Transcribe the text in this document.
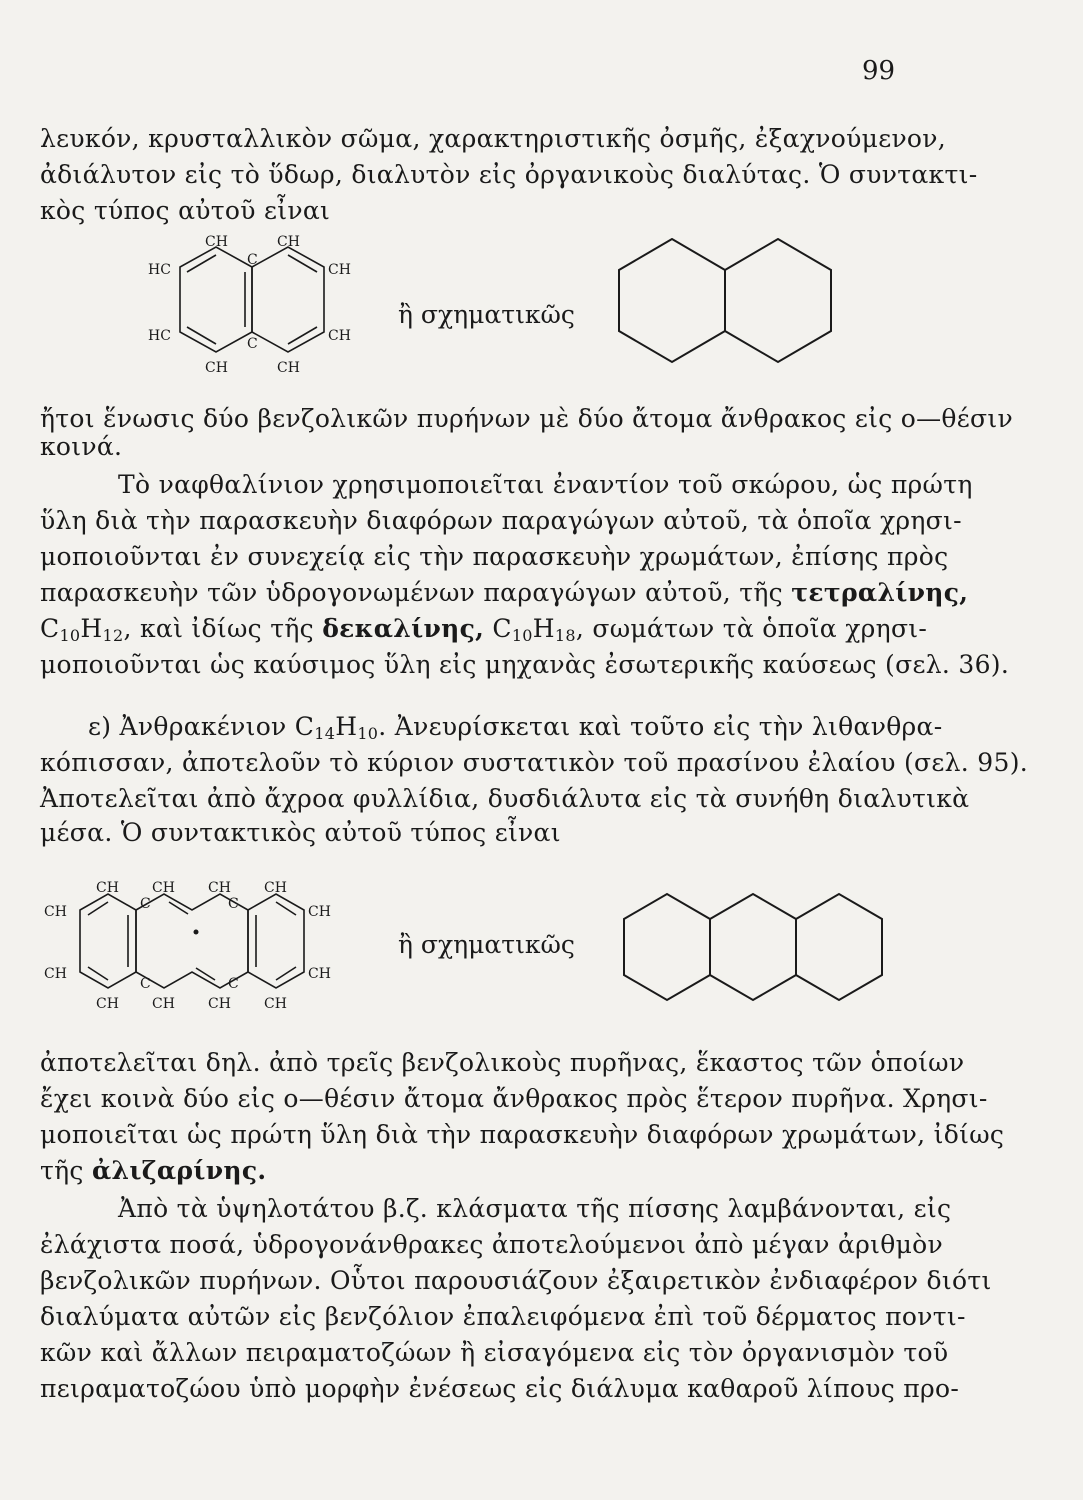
99
λευκόν, κρυσταλλικὸν σῶμα, χαρακτηριστικῆς ὀσμῆς, ἐξαχνούμενον,
ἀδιάλυτον εἰς τὸ ὕδωρ, διαλυτὸν εἰς ὀργανικοὺς διαλύτας. Ὁ συντακτι-
κὸς τύπος αὐτοῦ εἶναι
CH	CH
C
HC	CH
HC	CH
C
CH	CH
ἢ σχηματικῶς
ἤτοι ἕνωσις δύο βενζολικῶν πυρήνων μὲ δύο ἄτομα ἄνθρακος εἰς ο—θέσιν
κοινά.
Τὸ ναφθαλίνιον χρησιμοποιεῖται ἐναντίον τοῦ σκώρου, ὡς πρώτη
ὕλη διὰ τὴν παρασκευὴν διαφόρων παραγώγων αὐτοῦ, τὰ ὁποῖα χρησι-
μοποιοῦνται ἐν συνεχείᾳ εἰς τὴν παρασκευὴν χρωμάτων, ἐπίσης πρὸς
παρασκευὴν τῶν ὑδρογονωμένων παραγώγων αὐτοῦ, τῆς τετραλίνης,
$C_{10}H_{12}$, καὶ ἰδίως τῆς δεκαλίνης, $C_{10}H_{18}$, σωμάτων τὰ ὁποῖα χρησι-
μοποιοῦνται ὡς καύσιμος ὕλη εἰς μηχανὰς ἐσωτερικῆς καύσεως (σελ. 36).
ε) Ἀνθρακένιον $C_{14}H_{10}$. Ἀνευρίσκεται καὶ τοῦτο εἰς τὴν λιθανθρα-
κόπισσαν, ἀποτελοῦν τὸ κύριον συστατικὸν τοῦ πρασίνου ἐλαίου (σελ. 95).
Ἀποτελεῖται ἀπὸ ἄχροα φυλλίδια, δυσδιάλυτα εἰς τὰ συνήθη διαλυτικὰ
μέσα. Ὁ συντακτικὸς αὐτοῦ τύπος εἶναι
CH CH CH CH
C	C
CH	CH
CH	CH
C	C
CH CH CH CH
ἢ σχηματικῶς
ἀποτελεῖται δηλ. ἀπὸ τρεῖς βενζολικοὺς πυρῆνας, ἕκαστος τῶν ὁποίων
ἔχει κοινὰ δύο εἰς ο—θέσιν ἄτομα ἄνθρακος πρὸς ἕτερον πυρῆνα. Χρησι-
μοποιεῖται ὡς πρώτη ὕλη διὰ τὴν παρασκευὴν διαφόρων χρωμάτων, ἰδίως
τῆς ἀλιζαρίνης.
Ἀπὸ τὰ ὑψηλοτάτου β.ζ. κλάσματα τῆς πίσσης λαμβάνονται, εἰς
ἐλάχιστα ποσά, ὑδρογονάνθρακες ἀποτελούμενοι ἀπὸ μέγαν ἀριθμὸν
βενζολικῶν πυρήνων. Οὗτοι παρουσιάζουν ἐξαιρετικὸν ἐνδιαφέρον διότι
διαλύματα αὐτῶν εἰς βενζόλιον ἐπαλειφόμενα ἐπὶ τοῦ δέρματος ποντι-
κῶν καὶ ἄλλων πειραματοζώων ἢ εἰσαγόμενα εἰς τὸν ὀργανισμὸν τοῦ
πειραματοζώου ὑπὸ μορφὴν ἐνέσεως εἰς διάλυμα καθαροῦ λίπους προ-
